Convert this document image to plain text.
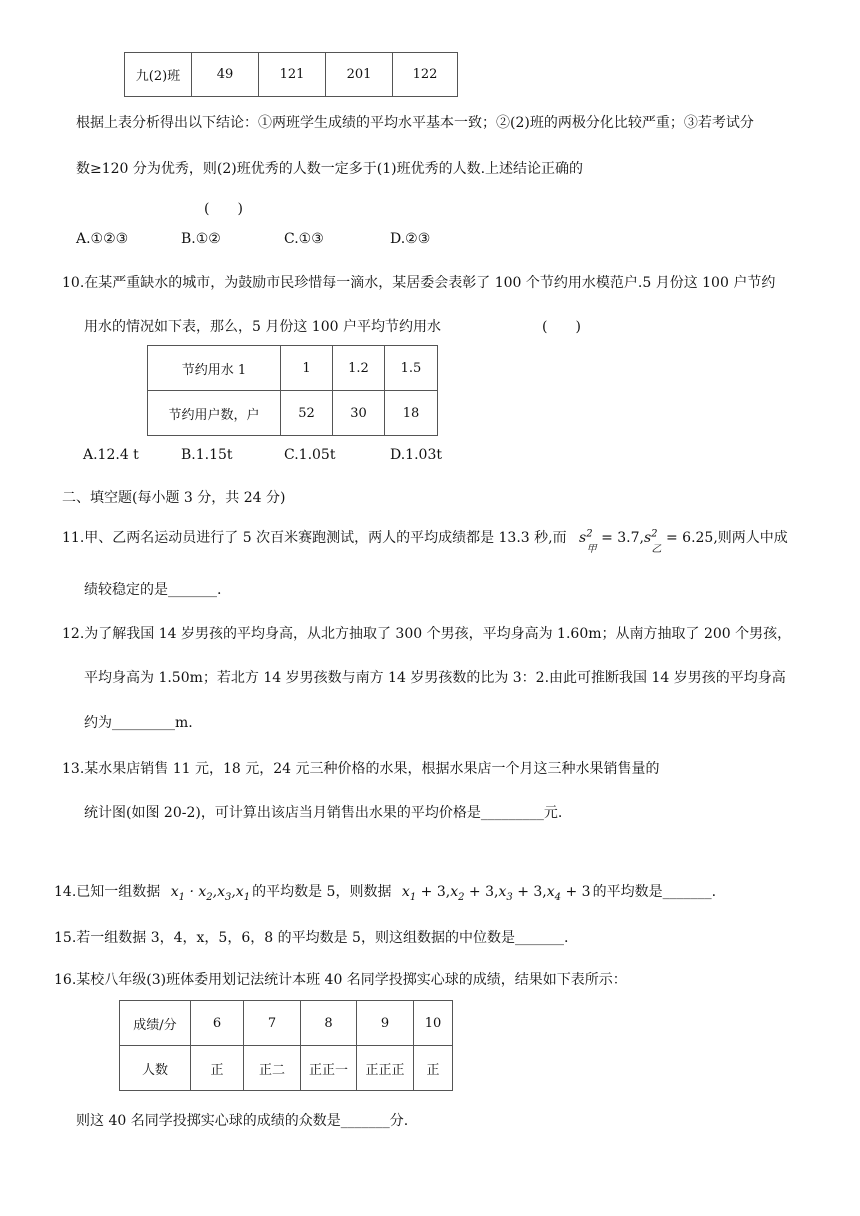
九(2)班	49	121	201	122
根据上表分析得出以下结论：①两班学生成绩的平均水平基本一致；②(2)班的两极分化比较严重；③若考试分
数≥120 分为优秀，则(2)班优秀的人数一定多于(1)班优秀的人数.上述结论正确的
(　　)
A.①②③	B.①②	C.①③	D.②③
10.在某严重缺水的城市，为鼓励市民珍惜每一滴水，某居委会表彰了 100 个节约用水模范户.5 月份这 100 户节约
用水的情况如下表，那么，5 月份这 100 户平均节约用水	(　　)
节约用水 1	1	1.2	1.5
节约用户数，户	52	30	18
A.12.4 t	B.1.15t	C.1.05t	D.1.03t
二、填空题(每小题 3 分，共 24 分)
11.甲、乙两名运动员进行了 5 次百米赛跑测试，两人的平均成绩都是 13.3 秒,而 $s^2_甲 = 3.7,s^2_乙 = 6.25$,则两人中成
绩较稳定的是_______.
12.为了解我国 14 岁男孩的平均身高，从北方抽取了 300 个男孩，平均身高为 1.60m；从南方抽取了 200 个男孩，
平均身高为 1.50m；若北方 14 岁男孩数与南方 14 岁男孩数的比为 3：2.由此可推断我国 14 岁男孩的平均身高
约为_________m.
13.某水果店销售 11 元，18 元，24 元三种价格的水果，根据水果店一个月这三种水果销售量的
统计图(如图 20-2)，可计算出该店当月销售出水果的平均价格是_________元.
14.已知一组数据 $x_1 \cdot x_2,x_3,x_1$ 的平均数是 5，则数据 $x_1 + 3,x_2 + 3,x_3 + 3,x_4 + 3$ 的平均数是_______.
15.若一组数据 3，4，x，5，6，8 的平均数是 5，则这组数据的中位数是_______.
16.某校八年级(3)班体委用划记法统计本班 40 名同学投掷实心球的成绩，结果如下表所示：
成绩/分	6	7	8	9	10
人数	正	正二	正正一	正正正	正
则这 40 名同学投掷实心球的成绩的众数是_______分.
